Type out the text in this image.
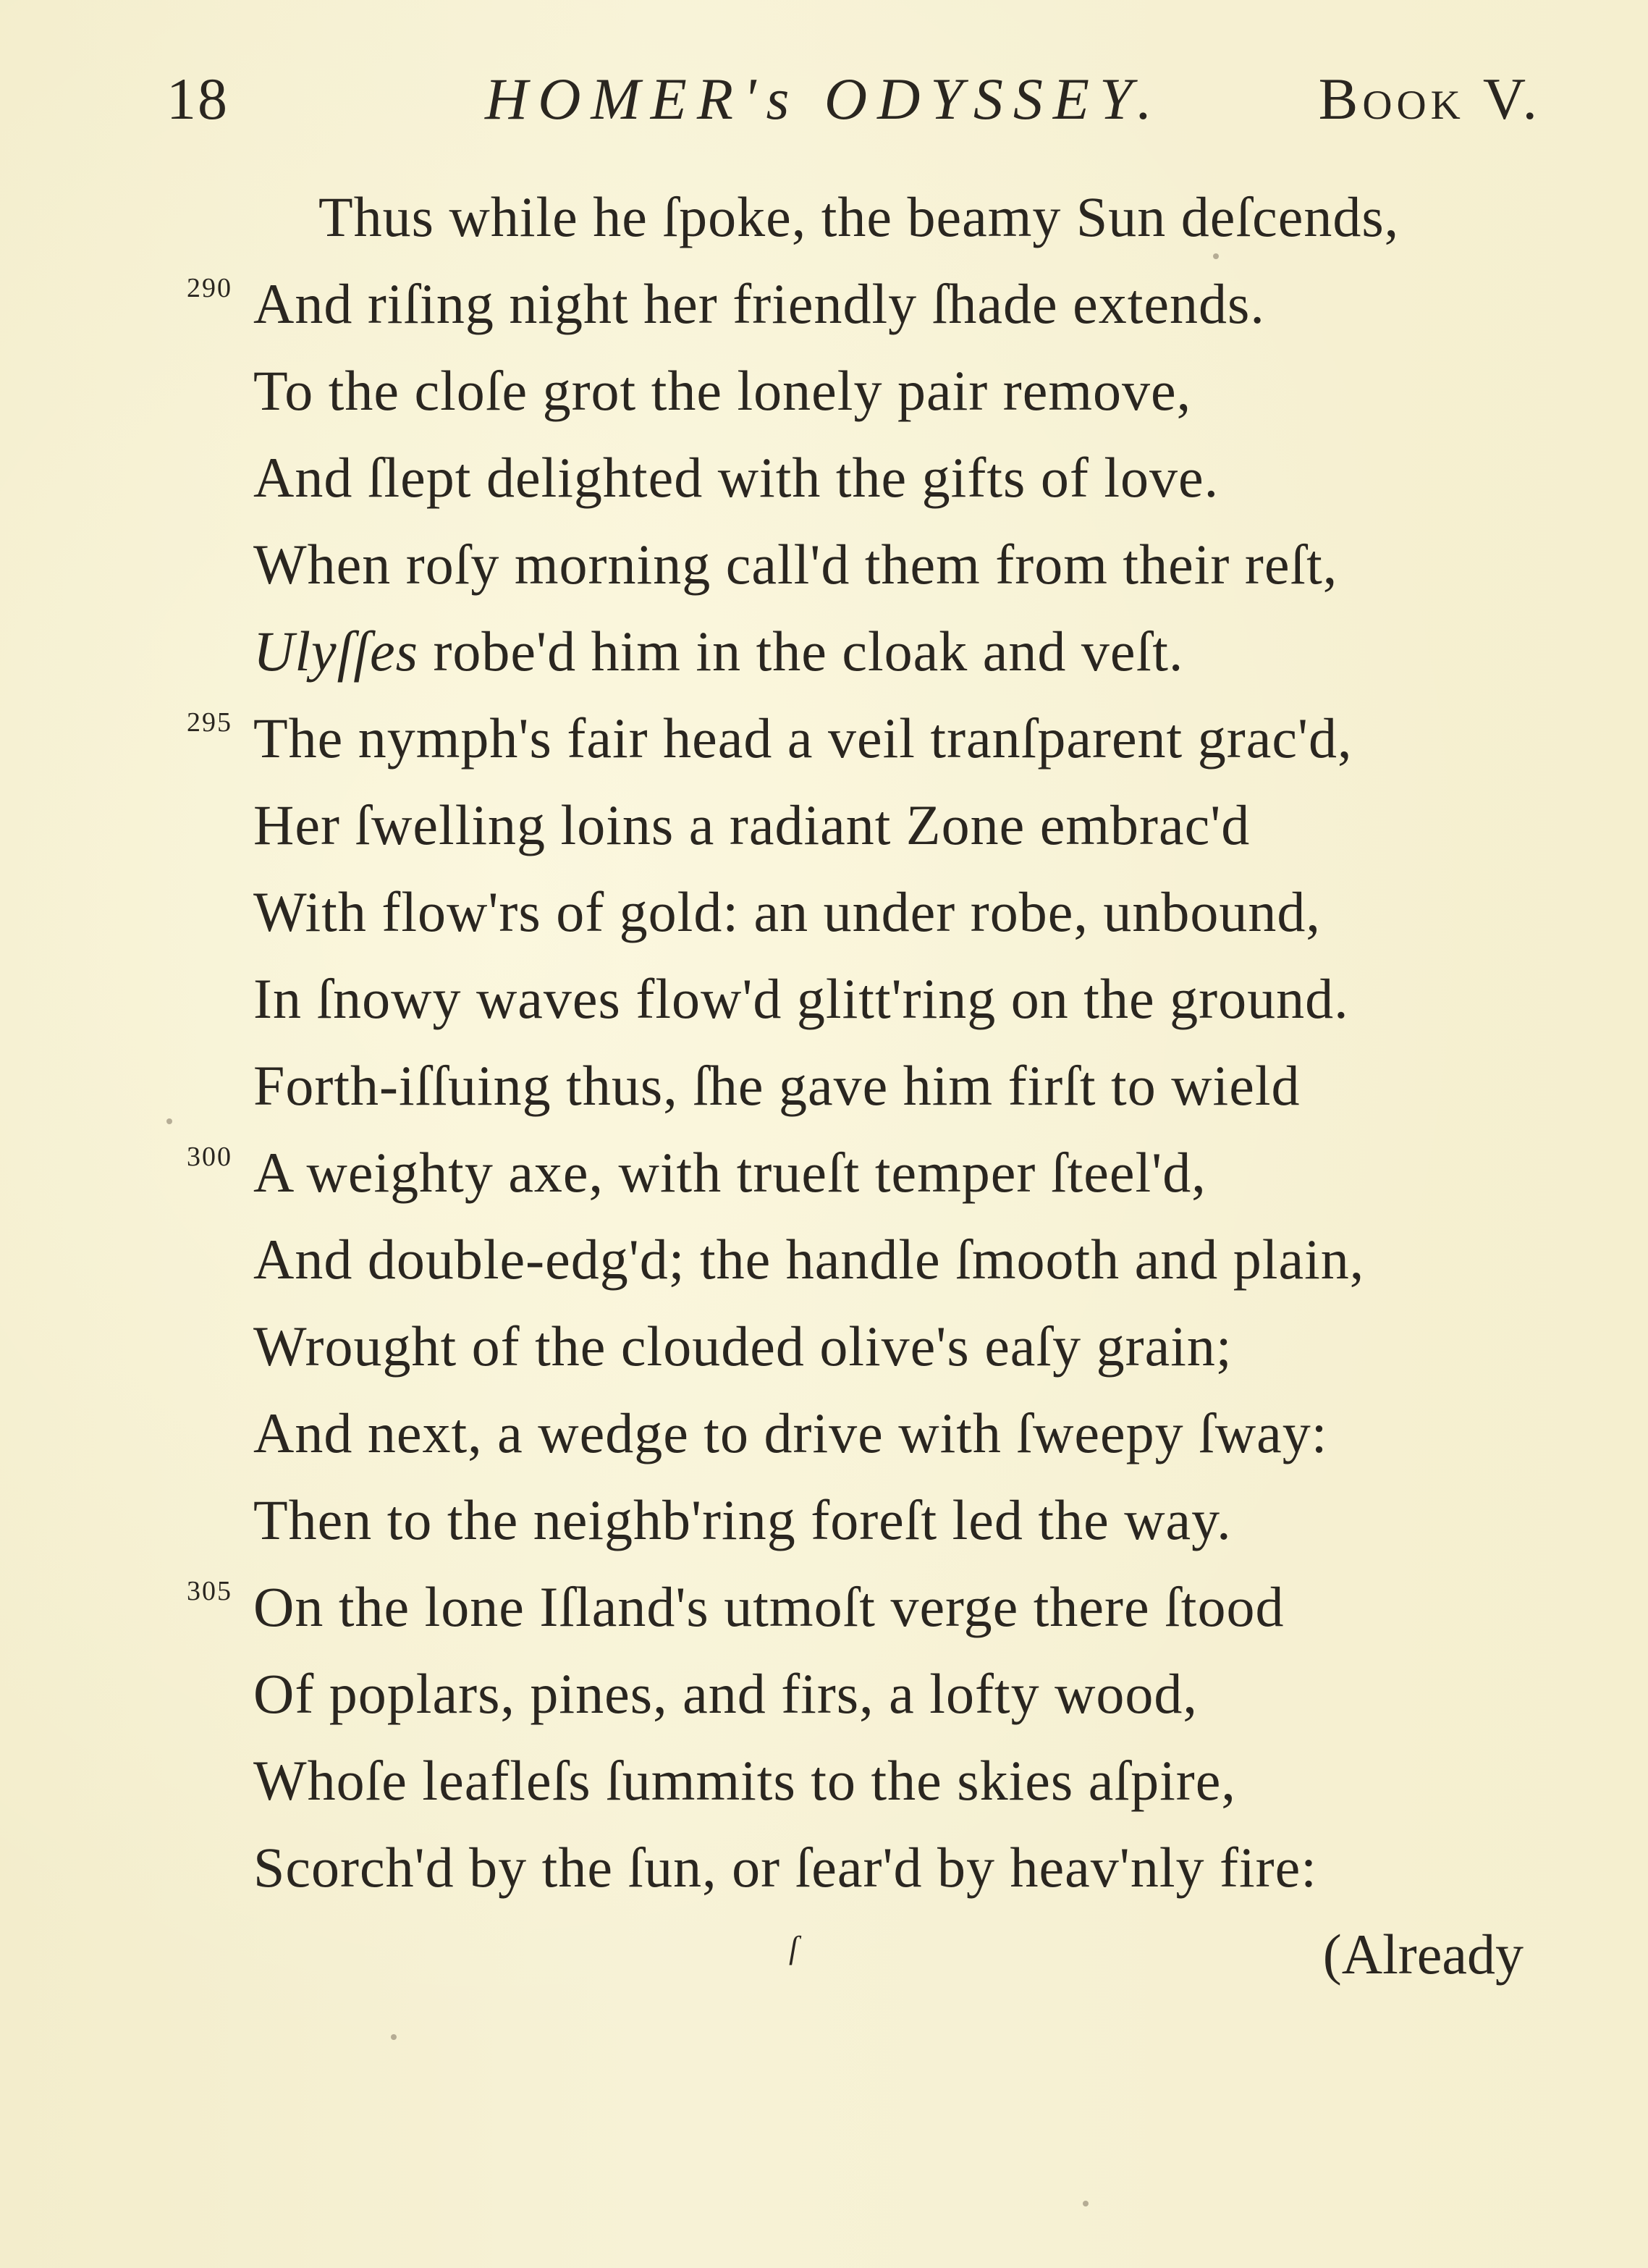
18	HOMER's ODYSSEY.	Book V.
Thus while he ſpoke, the beamy Sun deſcends,
290 And riſing night her friendly ſhade extends.
To the cloſe grot the lonely pair remove,
And ſlept delighted with the gifts of love.
When roſy morning call'd them from their reſt,
Ulyſſes robe'd him in the cloak and veſt.
295 The nymph's fair head a veil tranſparent grac'd,
Her ſwelling loins a radiant Zone embrac'd
With flow'rs of gold: an under robe, unbound,
In ſnowy waves flow'd glitt'ring on the ground.
Forth-iſſuing thus, ſhe gave him firſt to wield
300 A weighty axe, with trueſt temper ſteel'd,
And double-edg'd; the handle ſmooth and plain,
Wrought of the clouded olive's eaſy grain;
And next, a wedge to drive with ſweepy ſway:
Then to the neighb'ring foreſt led the way.
305 On the lone Iſland's utmoſt verge there ſtood
Of poplars, pines, and firs, a lofty wood,
Whoſe leafleſs ſummits to the skies aſpire,
Scorch'd by the ſun, or ſear'd by heav'nly fire:
ſ	(Already
